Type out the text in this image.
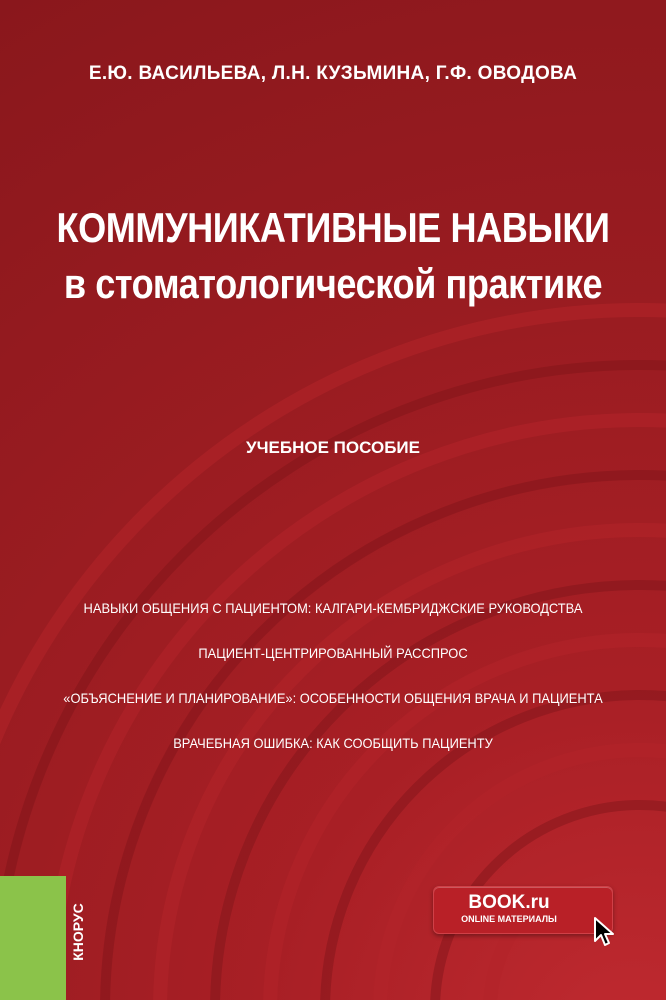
Е.Ю. ВАСИЛЬЕВА, Л.Н. КУЗЬМИНА, Г.Ф. ОВОДОВА
КОММУНИКАТИВНЫЕ НАВЫКИ
в стоматологической практике
УЧЕБНОЕ ПОСОБИЕ
НАВЫКИ ОБЩЕНИЯ С ПАЦИЕНТОМ: КАЛГАРИ-КЕМБРИДЖСКИЕ РУКОВОДСТВА
ПАЦИЕНТ-ЦЕНТРИРОВАННЫЙ РАССПРОС
«ОБЪЯСНЕНИЕ И ПЛАНИРОВАНИЕ»: ОСОБЕННОСТИ ОБЩЕНИЯ ВРАЧА И ПАЦИЕНТА
ВРАЧЕБНАЯ ОШИБКА: КАК СООБЩИТЬ ПАЦИЕНТУ
КНОРУС
BOOK.ru
ONLINE МАТЕРИАЛЫ
